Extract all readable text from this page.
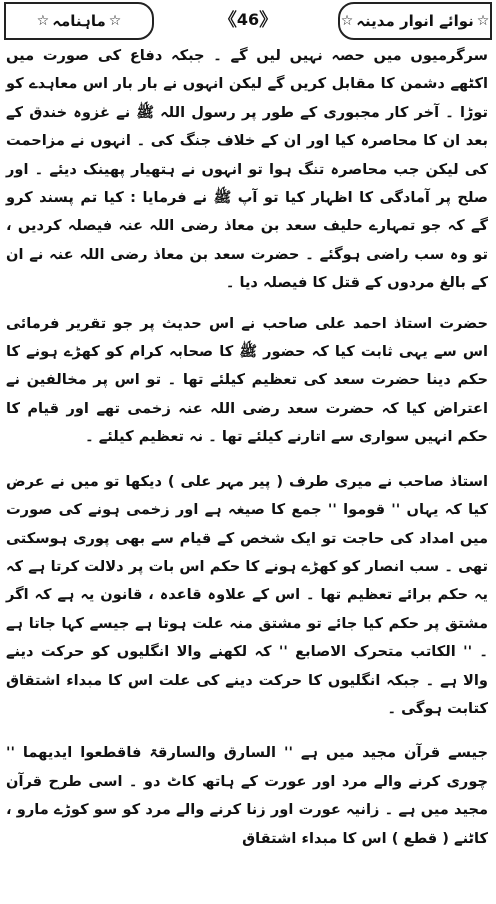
☆ ماہنامہ ☆	《 46 》	☆ نوائے انوار مدینہ ☆

سرگرمیوں میں حصہ نہیں لیں گے ۔ جبکہ دفاع کی صورت میں اکٹھے دشمن کا مقابل کریں گے لیکن انہوں نے بار بار اس معاہدے کو توڑا ۔ آخر کار مجبوری کے طور پر رسول اللہ ﷺ نے غزوہ خندق کے بعد ان کا محاصرہ کیا اور ان کے خلاف جنگ کی ۔ انہوں نے مزاحمت کی لیکن جب محاصرہ تنگ ہوا تو انہوں نے ہتھیار پھینک دیئے ۔ اور صلح پر آمادگی کا اظہار کیا تو آپ ﷺ نے فرمایا : کیا تم پسند کرو گے کہ جو تمہارے حلیف سعد بن معاذ رضی اللہ عنہ فیصلہ کردیں ، تو وہ سب راضی ہوگئے ۔ حضرت سعد بن معاذ رضی اللہ عنہ نے ان کے بالغ مردوں کے قتل کا فیصلہ دیا ۔

حضرت استاذ احمد علی صاحب نے اس حدیث پر جو تقریر فرمائی اس سے یہی ثابت کیا کہ حضور ﷺ کا صحابہ کرام کو کھڑے ہونے کا حکم دینا حضرت سعد کی تعظیم کیلئے تھا ۔ تو اس پر مخالفین نے اعتراض کیا کہ حضرت سعد رضی اللہ عنہ زخمی تھے اور قیام کا حکم انہیں سواری سے اتارنے کیلئے تھا ۔ نہ تعظیم کیلئے ۔

استاذ صاحب نے میری طرف ( پیر مہر علی ) دیکھا تو میں نے عرض کیا کہ یہاں '' قوموا '' جمع کا صیغہ ہے اور زخمی ہونے کی صورت میں امداد کی حاجت تو ایک شخص کے قیام سے بھی پوری ہوسکتی تھی ۔ سب انصار کو کھڑے ہونے کا حکم اس بات پر دلالت کرتا ہے کہ یہ حکم برائے تعظیم تھا ۔ اس کے علاوہ قاعدہ ، قانون یہ ہے کہ اگر مشتق پر حکم کیا جائے تو مشتق منہ علت ہوتا ہے جیسے کہا جاتا ہے ۔ '' الکاتب متحرک الاصابع '' کہ لکھنے والا انگلیوں کو حرکت دینے والا ہے ۔ جبکہ انگلیوں کا حرکت دینے کی علت اس کا مبداء اشتقاق کتابت ہوگی ۔

جیسے قرآن مجید میں ہے '' السارق والسارقۃ فاقطعوا ایدیھما '' چوری کرنے والے مرد اور عورت کے ہاتھ کاٹ دو ۔ اسی طرح قرآن مجید میں ہے ۔ زانیہ عورت اور زنا کرنے والے مرد کو سو کوڑے مارو ، کاٹنے ( قطع ) اس کا مبداء اشتقاق
